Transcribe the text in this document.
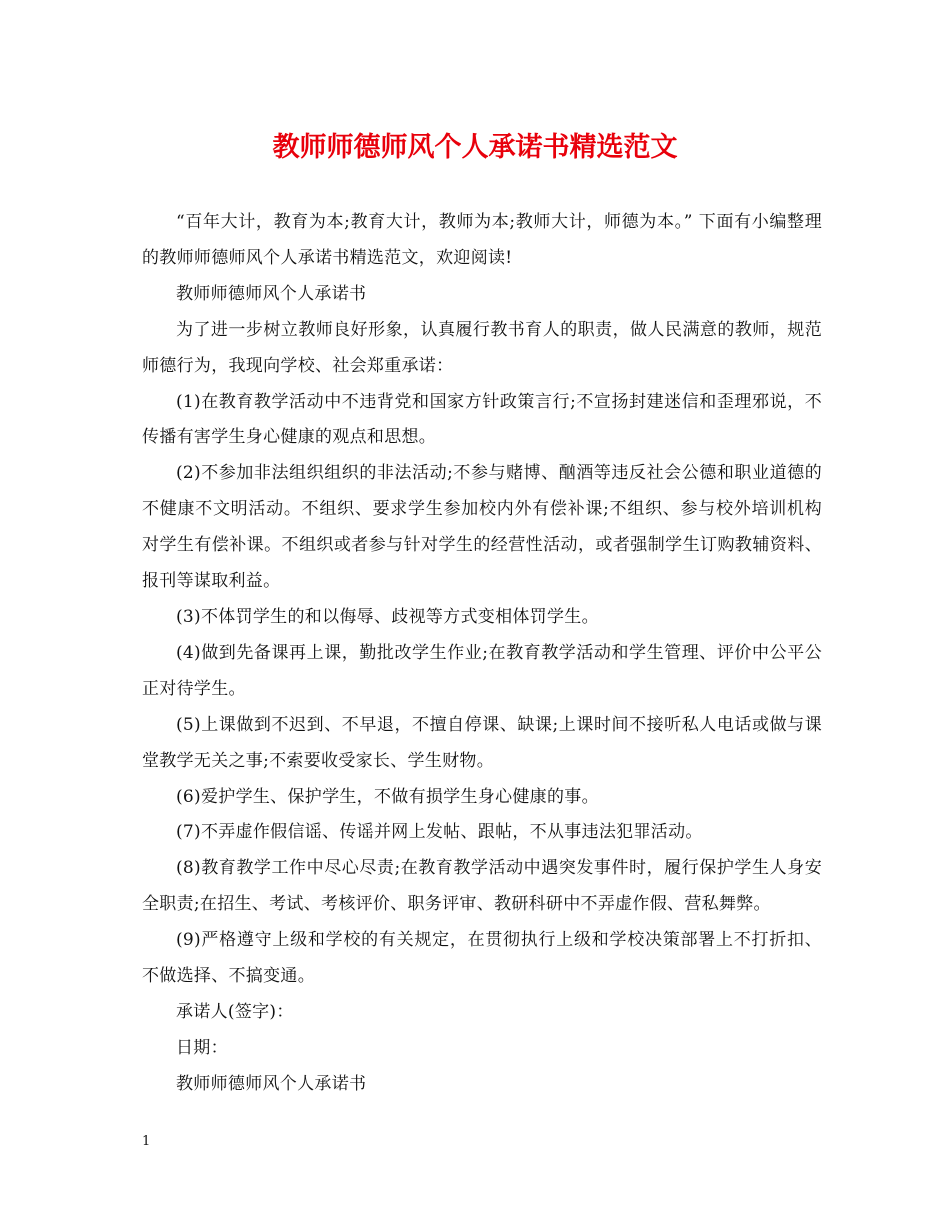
教师师德师风个人承诺书精选范文

“百年大计，教育为本;教育大计，教师为本;教师大计，师德为本。” 下面有小编整理的教师师德师风个人承诺书精选范文，欢迎阅读!

教师师德师风个人承诺书

为了进一步树立教师良好形象，认真履行教书育人的职责，做人民满意的教师，规范师德行为，我现向学校、社会郑重承诺：

(1)在教育教学活动中不违背党和国家方针政策言行;不宣扬封建迷信和歪理邪说，不传播有害学生身心健康的观点和思想。

(2)不参加非法组织组织的非法活动;不参与赌博、酗酒等违反社会公德和职业道德的不健康不文明活动。不组织、要求学生参加校内外有偿补课;不组织、参与校外培训机构对学生有偿补课。不组织或者参与针对学生的经营性活动，或者强制学生订购教辅资料、报刊等谋取利益。

(3)不体罚学生的和以侮辱、歧视等方式变相体罚学生。

(4)做到先备课再上课，勤批改学生作业;在教育教学活动和学生管理、评价中公平公正对待学生。

(5)上课做到不迟到、不早退，不擅自停课、缺课;上课时间不接听私人电话或做与课堂教学无关之事;不索要收受家长、学生财物。

(6)爱护学生、保护学生，不做有损学生身心健康的事。

(7)不弄虚作假信谣、传谣并网上发帖、跟帖，不从事违法犯罪活动。

(8)教育教学工作中尽心尽责;在教育教学活动中遇突发事件时，履行保护学生人身安全职责;在招生、考试、考核评价、职务评审、教研科研中不弄虚作假、营私舞弊。

(9)严格遵守上级和学校的有关规定，在贯彻执行上级和学校决策部署上不打折扣、不做选择、不搞变通。

承诺人(签字)：

日期：

教师师德师风个人承诺书

1
